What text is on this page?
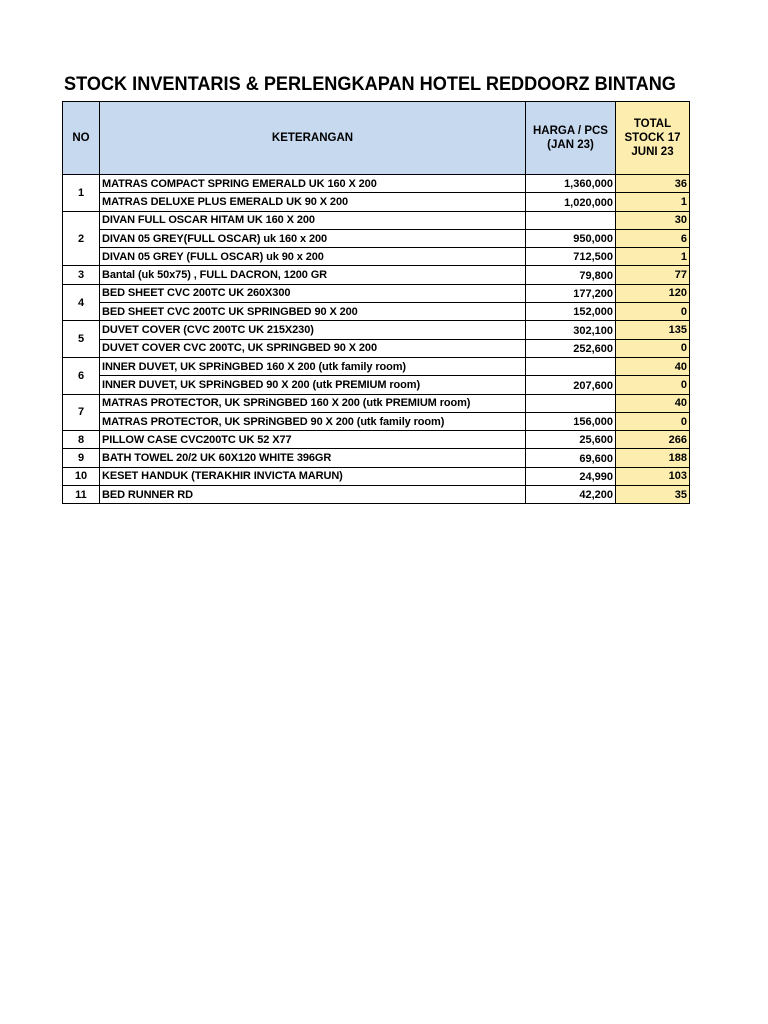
STOCK INVENTARIS & PERLENGKAPAN HOTEL REDDOORZ BINTANG
NO	KETERANGAN	HARGA / PCS (JAN 23)	TOTAL STOCK 17 JUNI 23
1	MATRAS COMPACT SPRING EMERALD UK 160 X 200	1,360,000	36
	MATRAS DELUXE PLUS EMERALD UK 90 X 200	1,020,000	1
2	DIVAN FULL OSCAR HITAM UK 160 X 200		30
	DIVAN 05 GREY(FULL OSCAR) uk 160 x 200	950,000	6
	DIVAN 05 GREY (FULL OSCAR) uk 90 x 200	712,500	1
3	Bantal (uk 50x75) , FULL DACRON, 1200 GR	79,800	77
4	BED SHEET CVC 200TC UK 260X300	177,200	120
	BED SHEET CVC 200TC UK SPRINGBED 90 X 200	152,000	0
5	DUVET COVER (CVC 200TC UK 215X230)	302,100	135
	DUVET COVER CVC 200TC, UK SPRINGBED 90 X 200	252,600	0
6	INNER DUVET, UK SPRiNGBED 160 X 200 (utk family room)		40
	INNER DUVET, UK SPRiNGBED 90 X 200 (utk PREMIUM room)	207,600	0
7	MATRAS PROTECTOR, UK SPRiNGBED 160 X 200 (utk PREMIUM room)		40
	MATRAS PROTECTOR, UK SPRiNGBED 90 X 200 (utk family room)	156,000	0
8	PILLOW CASE CVC200TC UK 52 X77	25,600	266
9	BATH TOWEL 20/2 UK 60X120 WHITE 396GR	69,600	188
10	KESET HANDUK (TERAKHIR INVICTA MARUN)	24,990	103
11	BED RUNNER RD	42,200	35
